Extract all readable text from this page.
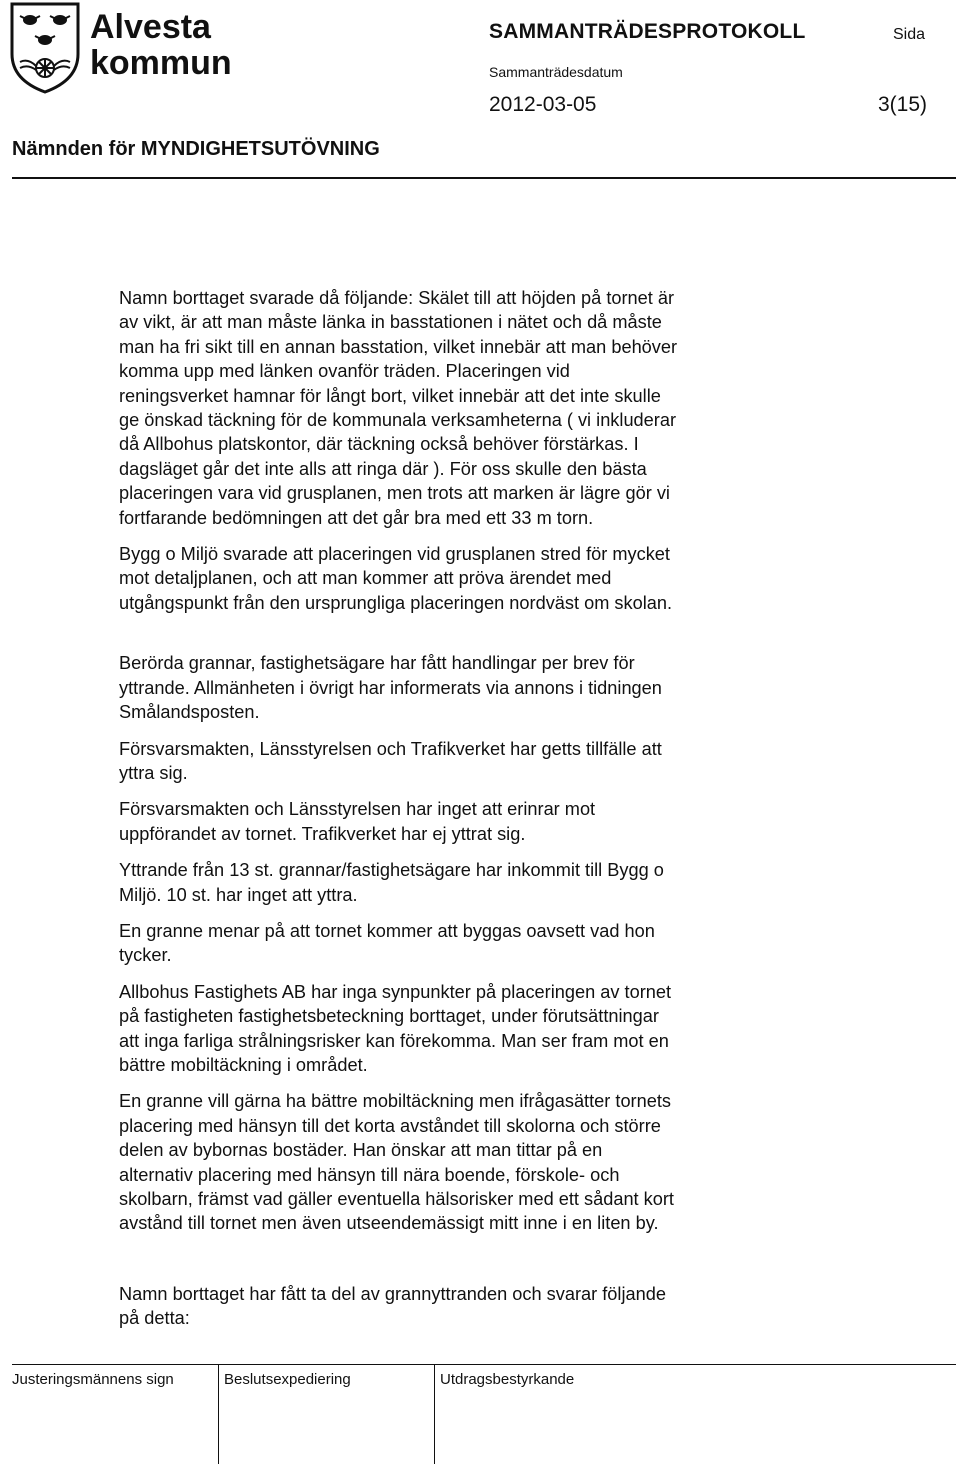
Alvesta
kommun
SAMMANTRÄDESPROTOKOLL	Sida
Sammanträdesdatum
2012-03-05	3(15)
Nämnden för MYNDIGHETSUTÖVNING

Namn borttaget svarade då följande: Skälet till att höjden på tornet är
av vikt, är att man måste länka in basstationen i nätet och då måste
man ha fri sikt till en annan basstation, vilket innebär att man behöver
komma upp med länken ovanför träden. Placeringen vid
reningsverket hamnar för långt bort, vilket innebär att det inte skulle
ge önskad täckning för de kommunala verksamheterna ( vi inkluderar
då Allbohus platskontor, där täckning också behöver förstärkas. I
dagsläget går det inte alls att ringa där ). För oss skulle den bästa
placeringen vara vid grusplanen, men trots att marken är lägre gör vi
fortfarande bedömningen att det går bra med ett 33 m torn.

Bygg o Miljö svarade att placeringen vid grusplanen stred för mycket
mot detaljplanen, och att man kommer att pröva ärendet med
utgångspunkt från den ursprungliga placeringen nordväst om skolan.

Berörda grannar, fastighetsägare har fått handlingar per brev för
yttrande. Allmänheten i övrigt har informerats via annons i tidningen
Smålandsposten.

Försvarsmakten, Länsstyrelsen och Trafikverket har getts tillfälle att
yttra sig.

Försvarsmakten och Länsstyrelsen har inget att erinrar mot
uppförandet av tornet. Trafikverket har ej yttrat sig.

Yttrande från 13 st. grannar/fastighetsägare har inkommit till Bygg o
Miljö. 10 st. har inget att yttra.

En granne menar på att tornet kommer att byggas oavsett vad hon
tycker.

Allbohus Fastighets AB har inga synpunkter på placeringen av tornet
på fastigheten fastighetsbeteckning borttaget, under förutsättningar
att inga farliga strålningsrisker kan förekomma. Man ser fram mot en
bättre mobiltäckning i området.

En granne vill gärna ha bättre mobiltäckning men ifrågasätter tornets
placering med hänsyn till det korta avståndet till skolorna och större
delen av bybornas bostäder. Han önskar att man tittar på en
alternativ placering med hänsyn till nära boende, förskole- och
skolbarn, främst vad gäller eventuella hälsorisker med ett sådant kort
avstånd till tornet men även utseendemässigt mitt inne i en liten by.

Namn borttaget har fått ta del av grannyttranden och svarar följande
på detta:

Justeringsmännens sign	Beslutsexpediering	Utdragsbestyrkande
